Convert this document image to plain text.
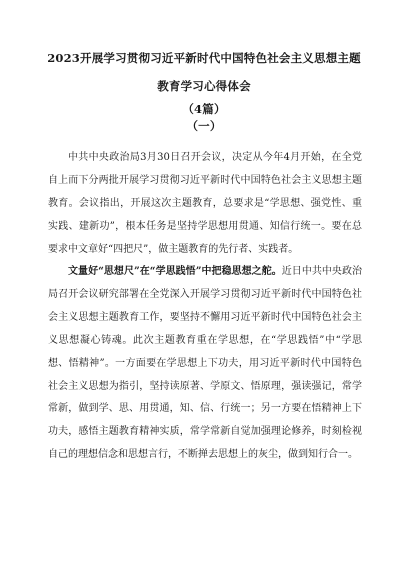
2023开展学习贯彻习近平新时代中国特色社会主义思想主题
教育学习心得体会
（4篇）
（一）
中共中央政治局3月30日召开会议，决定从今年4月开始，在全党自上而下分两批开展学习贯彻习近平新时代中国特色社会主义思想主题教育。会议指出，开展这次主题教育，总要求是“学思想、强党性、重实践、建新功”，根本任务是坚持学思想用贯通、知信行统一。要在总要求中文章好“四把尺”，做主题教育的先行者、实践者。
文量好“思想尺”在“学思践悟”中把稳思想之舵。近日中共中央政治局召开会议研究部署在全党深入开展学习贯彻习近平新时代中国特色社会主义思想主题教育工作，要坚持不懈用习近平新时代中国特色社会主义思想凝心铸魂。此次主题教育重在学思想，在“学思践悟”中“学思想、悟精神”。一方面要在学思想上下功夫，用习近平新时代中国特色社会主义思想为指引，坚持读原著、学原文、悟原理，强读强记，常学常新，做到学、思、用贯通，知、信、行统一；另一方要在悟精神上下功夫，感悟主题教育精神实质，常学常新自觉加强理论修养，时刻检视自己的理想信念和思想言行，不断掸去思想上的灰尘，做到知行合一。
